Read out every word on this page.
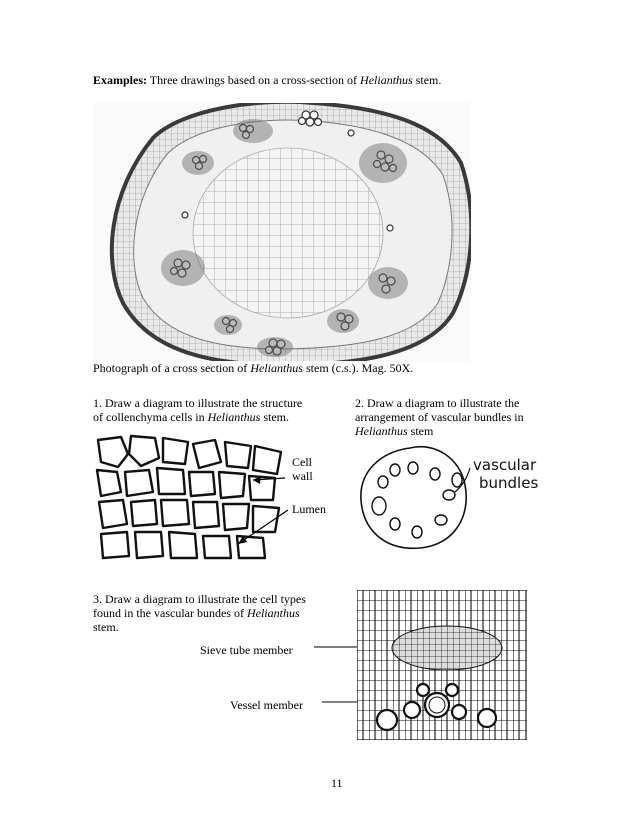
Examples: Three drawings based on a cross-section of Helianthus stem.
Photograph of a cross section of Helianthus stem (c.s.). Mag. 50X.
1. Draw a diagram to illustrate the structure
of collenchyma cells in Helianthus stem.
2. Draw a diagram to illustrate the
arrangement of vascular bundles in
Helianthus stem
Cell
wall
Lumen
vascular
bundles
3. Draw a diagram to illustrate the cell types
found in the vascular bundes of Helianthus
stem.
Sieve tube member
Vessel member
11
